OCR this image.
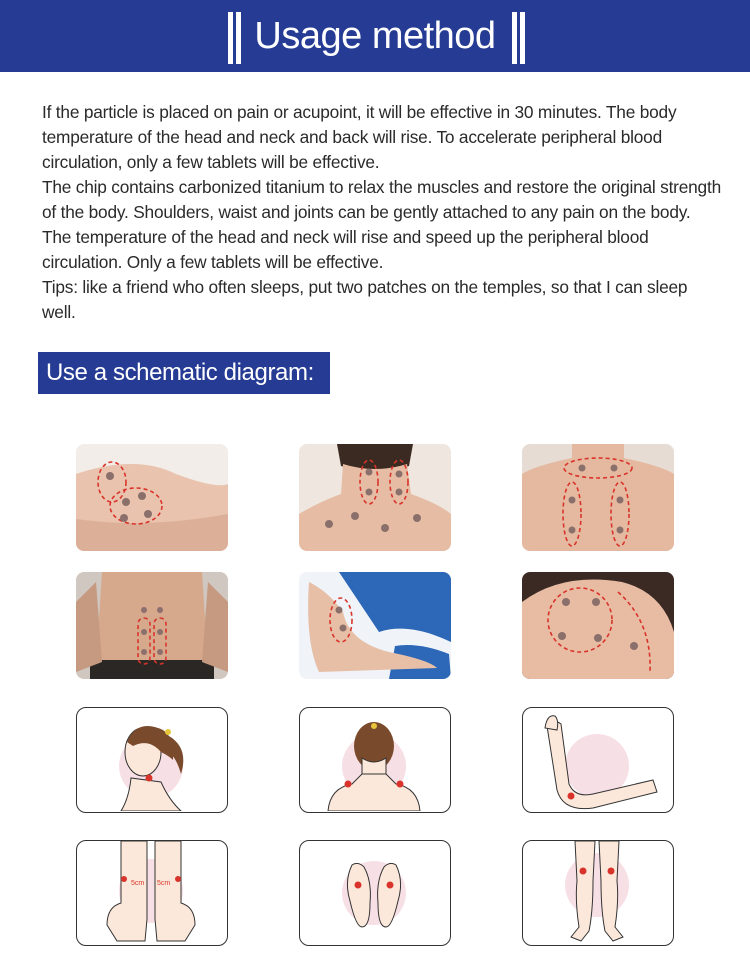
Usage method

If the particle is placed on pain or acupoint, it will be effective in 30 minutes. The body temperature of the head and neck and back will rise. To accelerate peripheral blood circulation, only a few tablets will be effective.

The chip contains carbonized titanium to relax the muscles and restore the original strength of the body. Shoulders, waist and joints can be gently attached to any pain on the body. The temperature of the head and neck will rise and speed up the peripheral blood circulation. Only a few tablets will be effective.

Tips: like a friend who often sleeps, put two patches on the temples, so that I can sleep well.

Use a schematic diagram:
5cm 5cm
